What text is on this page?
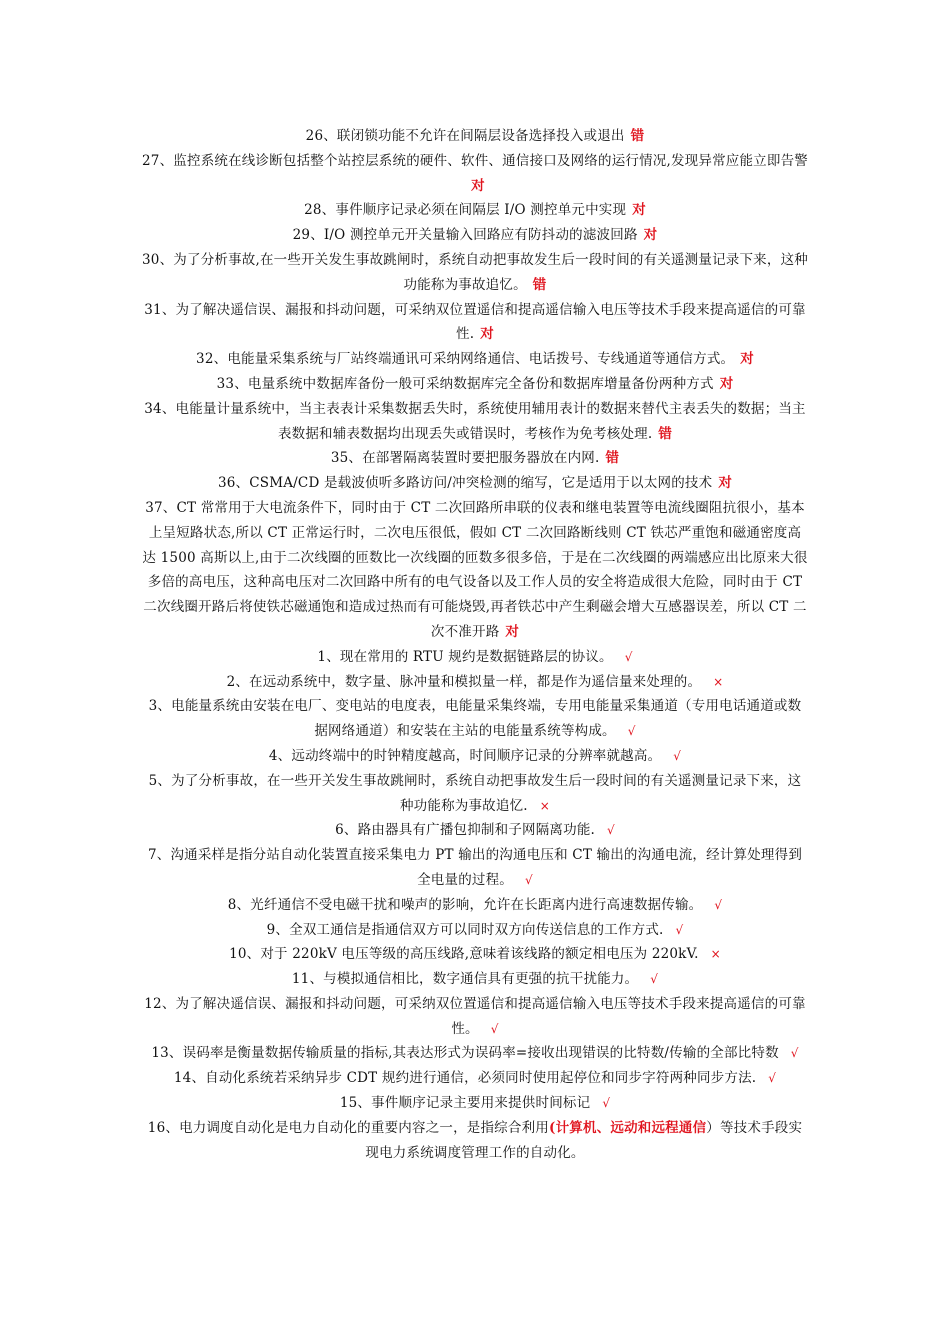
26、联闭锁功能不允许在间隔层设备选择投入或退出 错

27、监控系统在线诊断包括整个站控层系统的硬件、软件、通信接口及网络的运行情况,发现异常应能立即告警对

28、事件顺序记录必须在间隔层 I/O 测控单元中实现 对

29、I/O 测控单元开关量输入回路应有防抖动的滤波回路 对

30、为了分析事故,在一些开关发生事故跳闸时，系统自动把事故发生后一段时间的有关遥测量记录下来，这种功能称为事故追忆。 错

31、为了解决遥信误、漏报和抖动问题，可采纳双位置遥信和提高遥信输入电压等技术手段来提高遥信的可靠性. 对

32、电能量采集系统与厂站终端通讯可采纳网络通信、电话拨号、专线通道等通信方式。 对

33、电量系统中数据库备份一般可采纳数据库完全备份和数据库增量备份两种方式 对

34、电能量计量系统中，当主表表计采集数据丢失时，系统使用辅用表计的数据来替代主表丢失的数据；当主表数据和辅表数据均出现丢失或错误时，考核作为免考核处理. 错

35、在部署隔离装置时要把服务器放在内网. 错

36、CSMA/CD 是载波侦听多路访问/冲突检测的缩写，它是适用于以太网的技术 对

37、CT 常常用于大电流条件下，同时由于 CT 二次回路所串联的仪表和继电装置等电流线圈阻抗很小，基本上呈短路状态,所以 CT 正常运行时，二次电压很低，假如 CT 二次回路断线则 CT 铁芯严重饱和磁通密度高达 1500 高斯以上,由于二次线圈的匝数比一次线圈的匝数多很多倍，于是在二次线圈的两端感应出比原来大很多倍的高电压，这种高电压对二次回路中所有的电气设备以及工作人员的安全将造成很大危险，同时由于 CT 二次线圈开路后将使铁芯磁通饱和造成过热而有可能烧毁,再者铁芯中产生剩磁会增大互感器误差，所以 CT 二次不准开路 对

1、现在常用的 RTU 规约是数据链路层的协议。 √

2、在远动系统中，数字量、脉冲量和模拟量一样，都是作为遥信量来处理的。 ×

3、电能量系统由安装在电厂、变电站的电度表，电能量采集终端，专用电能量采集通道（专用电话通道或数据网络通道）和安装在主站的电能量系统等构成。 √

4、远动终端中的时钟精度越高，时间顺序记录的分辨率就越高。 √

5、为了分析事故，在一些开关发生事故跳闸时，系统自动把事故发生后一段时间的有关遥测量记录下来，这种功能称为事故追忆. ×

6、路由器具有广播包抑制和子网隔离功能. √

7、沟通采样是指分站自动化装置直接采集电力 PT 输出的沟通电压和 CT 输出的沟通电流，经计算处理得到全电量的过程。 √

8、光纤通信不受电磁干扰和噪声的影响，允许在长距离内进行高速数据传输。 √

9、全双工通信是指通信双方可以同时双方向传送信息的工作方式. √

10、对于 220kV 电压等级的高压线路,意味着该线路的额定相电压为 220kV. ×

11、与模拟通信相比，数字通信具有更强的抗干扰能力。 √

12、为了解决遥信误、漏报和抖动问题，可采纳双位置遥信和提高遥信输入电压等技术手段来提高遥信的可靠性。 √

13、误码率是衡量数据传输质量的指标,其表达形式为误码率=接收出现错误的比特数/传输的全部比特数 √

14、自动化系统若采纳异步 CDT 规约进行通信，必须同时使用起停位和同步字符两种同步方法. √

15、事件顺序记录主要用来提供时间标记 √

16、电力调度自动化是电力自动化的重要内容之一，是指综合利用(计算机、远动和远程通信）等技术手段实现电力系统调度管理工作的自动化。
